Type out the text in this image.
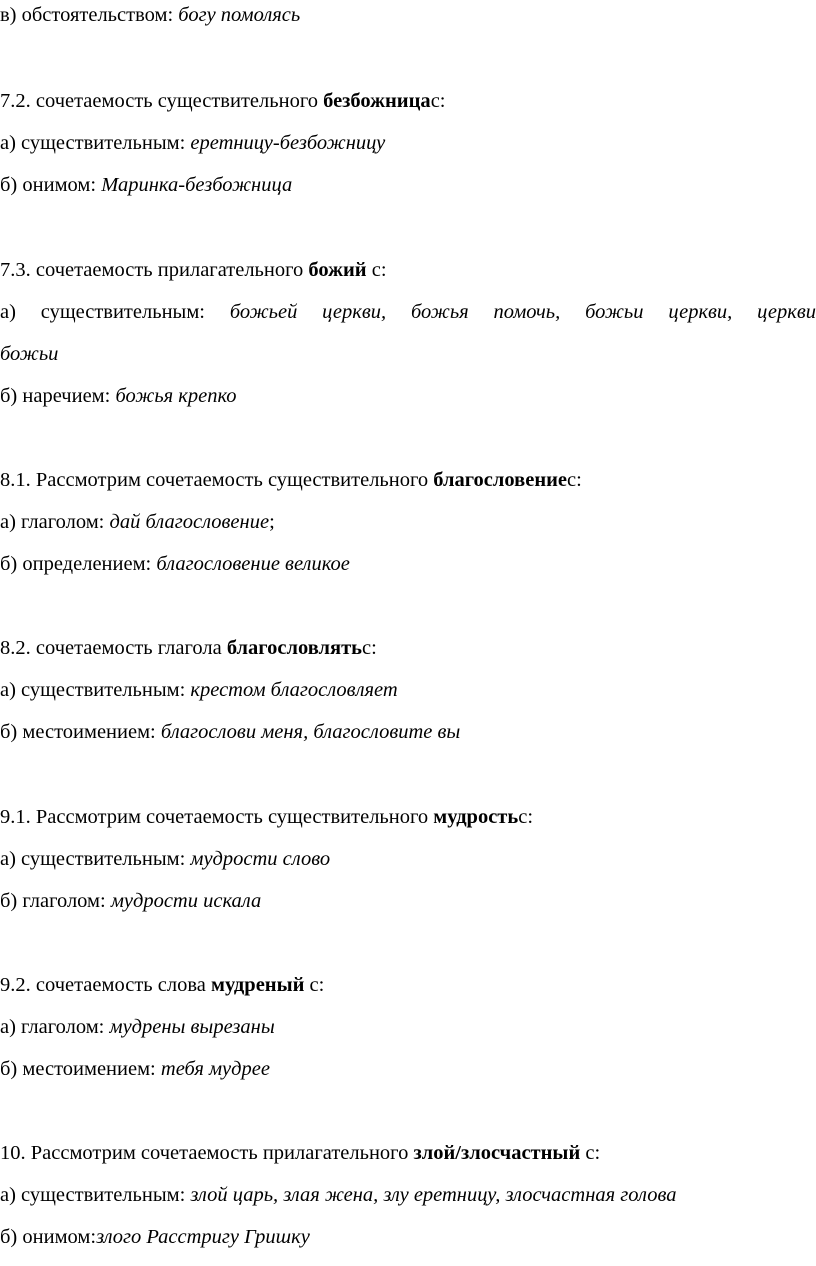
в) обстоятельством: богу помолясь

7.2. сочетаемость существительного безбожницас:

а) существительным: еретницу-безбожницу

б) онимом: Маринка-безбожница

7.3. сочетаемость прилагательного божий с:

а) существительным: божьей церкви, божья помочь, божьи церкви, церкви

божьи

б) наречием: божья крепко

8.1. Рассмотрим сочетаемость существительного благословениес:

а) глаголом: дай благословение;

б) определением: благословение великое

8.2. сочетаемость глагола благословлятьс:

а) существительным: крестом благословляет

б) местоимением: благослови меня, благословите вы

9.1. Рассмотрим сочетаемость существительного мудростьс:

а) существительным: мудрости слово

б) глаголом: мудрости искала

9.2. сочетаемость слова мудреный с:

а) глаголом: мудрены вырезаны

б) местоимением: тебя мудрее

10. Рассмотрим сочетаемость прилагательного злой/злосчастный с:

а) существительным: злой царь, злая жена, злу еретницу, злосчастная голова

б) онимом:злого Расстригу Гришку
